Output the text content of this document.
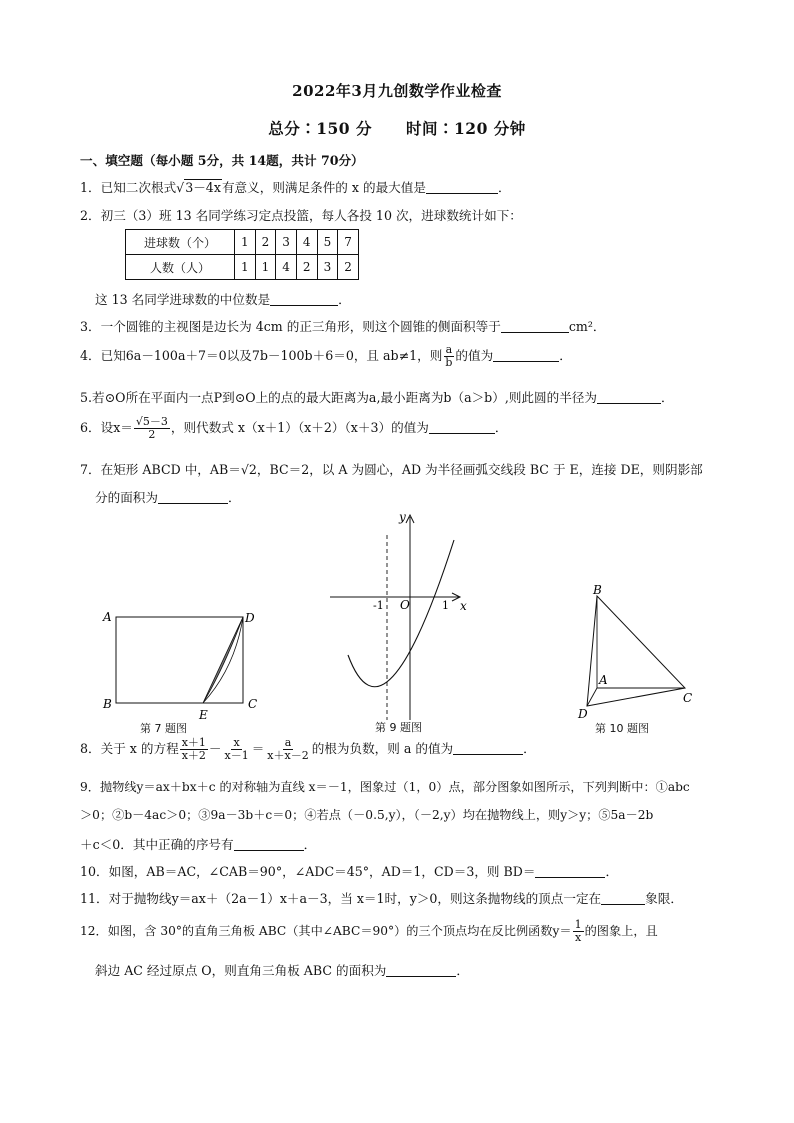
2022年3月九创数学作业检查
总分∶150 分 时间∶120 分钟
一、填空题（每小题 5分，共 14题，共计 70分）
1．已知二次根式√3－4x有意义，则满足条件的 x 的最大值是	．
2．初三（3）班 13 名同学练习定点投篮，每人各投 10 次，进球数统计如下：
进球数（个）	1	2	3	4	5	7
人数（人）	1	1	4	2	3	2
这 13 名同学进球数的中位数是	．
3．一个圆锥的主视图是边长为 4cm 的正三角形，则这个圆锥的侧面积等于	cm²．
4．已知6a－100a＋7＝0以及7b－100b＋6＝0，且 ab≠1，则 $\frac{a}{b}$ 的值为	．
5.若⊙O所在平面内一点P到⊙O上的点的最大距离为a,最小距离为b（a＞b）,则此圆的半径为	．
6．设$x= \frac{√5-3}{2}$ ，则代数式 x（x＋1）（x＋2）（x＋3）的值为	．
7．在矩形 ABCD 中，AB＝√2，BC＝2，以 A 为圆心，AD 为半径画弧交线段 BC 于 E，连接 DE，则阴影部
分的面积为	．
A
B	C
D
E
第 7 题图
y
x
O
-1	1
第 9 题图
B
A
C
D
第 10 题图
8．关于 x 的方程 $\frac{x+1}{x+2} - \frac{x}{x-1} = \frac{a}{x+x-2}$ 的根为负数，则 a 的值为	．
9．抛物线y＝ax＋bx＋c 的对称轴为直线 x＝－1，图象过（1，0）点，部分图象如图所示，下列判断中：①abc
＞0；②b－4ac＞0；③9a－3b＋c＝0；④若点（－0.5,y），（－2,y）均在抛物线上，则y＞y；⑤5a－2b
＋c＜0．其中正确的序号有	．
10．如图，AB＝AC，∠CAB＝90°，∠ADC＝45°，AD＝1，CD＝3，则 BD＝	．
11．对于抛物线y＝ax＋（2a－1）x＋a－3，当 x＝1时，y＞0，则这条抛物线的顶点一定在	象限．
12．如图，含 30°的直角三角板 ABC（其中∠ABC＝90°）的三个顶点均在反比例函数$y= \frac{1}{x}$ 的图象上，且
斜边 AC 经过原点 O，则直角三角板 ABC 的面积为	．
